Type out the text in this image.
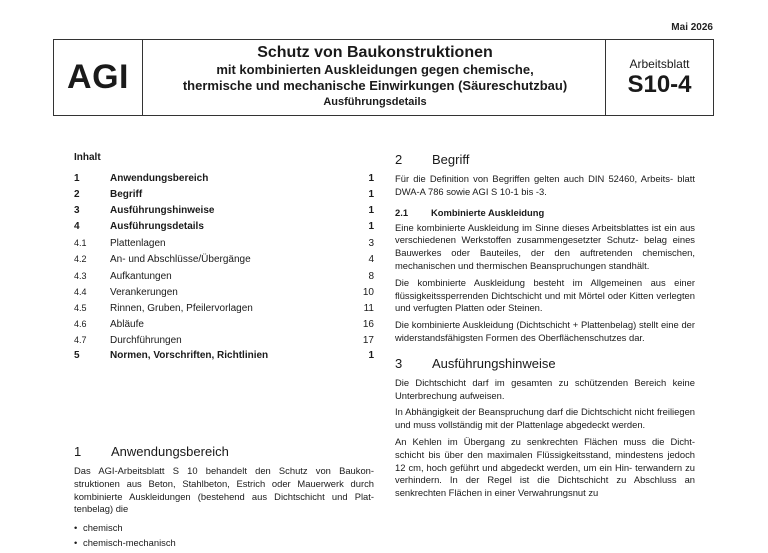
Mai 2026
AGI
Schutz von Baukonstruktionen
mit kombinierten Auskleidungen gegen chemische,
thermische und mechanische Einwirkungen (Säureschutzbau)
Ausführungsdetails
Arbeitsblatt
S10-4
Inhalt
1	Anwendungsbereich	1
2	Begriff	1
3	Ausführungshinweise	1
4	Ausführungsdetails	1
4.1	Plattenlagen	3
4.2	An- und Abschlüsse/Übergänge	4
4.3	Aufkantungen	8
4.4	Verankerungen	10
4.5	Rinnen, Gruben, Pfeilervorlagen	11
4.6	Abläufe	16
4.7	Durchführungen	17
5	Normen, Vorschriften, Richtlinien	1
1	Anwendungsbereich

Das AGI-Arbeitsblatt S 10 behandelt den Schutz von Baukon- struktionen aus Beton, Stahlbeton, Estrich oder Mauerwerk durch kombinierte Auskleidungen (bestehend aus Dichtschicht und Plat- tenbelag) die

• chemisch
• chemisch-mechanisch
2	Begriff

Für die Definition von Begriffen gelten auch DIN 52460, Arbeits- blatt DWA-A 786 sowie AGI S 10-1 bis -3.

2.1	Kombinierte Auskleidung

Eine kombinierte Auskleidung im Sinne dieses Arbeitsblattes ist ein aus verschiedenen Werkstoffen zusammengesetzter Schutz- belag eines Bauwerkes oder Bauteiles, der den auftretenden chemischen, mechanischen und thermischen Beanspruchungen standhält.

Die kombinierte Auskleidung besteht im Allgemeinen aus einer flüssigkeitssperrenden Dichtschicht und mit Mörtel oder Kitten verlegten und verfugten Platten oder Steinen.

Die kombinierte Auskleidung (Dichtschicht + Plattenbelag) stellt eine der widerstandsfähigsten Formen des Oberflächenschutzes dar.

3	Ausführungshinweise

Die Dichtschicht darf im gesamten zu schützenden Bereich keine Unterbrechung aufweisen.

In Abhängigkeit der Beanspruchung darf die Dichtschicht nicht freiliegen und muss vollständig mit der Plattenlage abgedeckt werden.

An Kehlen im Übergang zu senkrechten Flächen muss die Dicht- schicht bis über den maximalen Flüssigkeitsstand, mindestens jedoch 12 cm, hoch geführt und abgedeckt werden, um ein Hin- terwandern zu verhindern. In der Regel ist die Dichtschicht zu Abschluss an senkrechten Flächen in einer Verwahrungsnut zu
